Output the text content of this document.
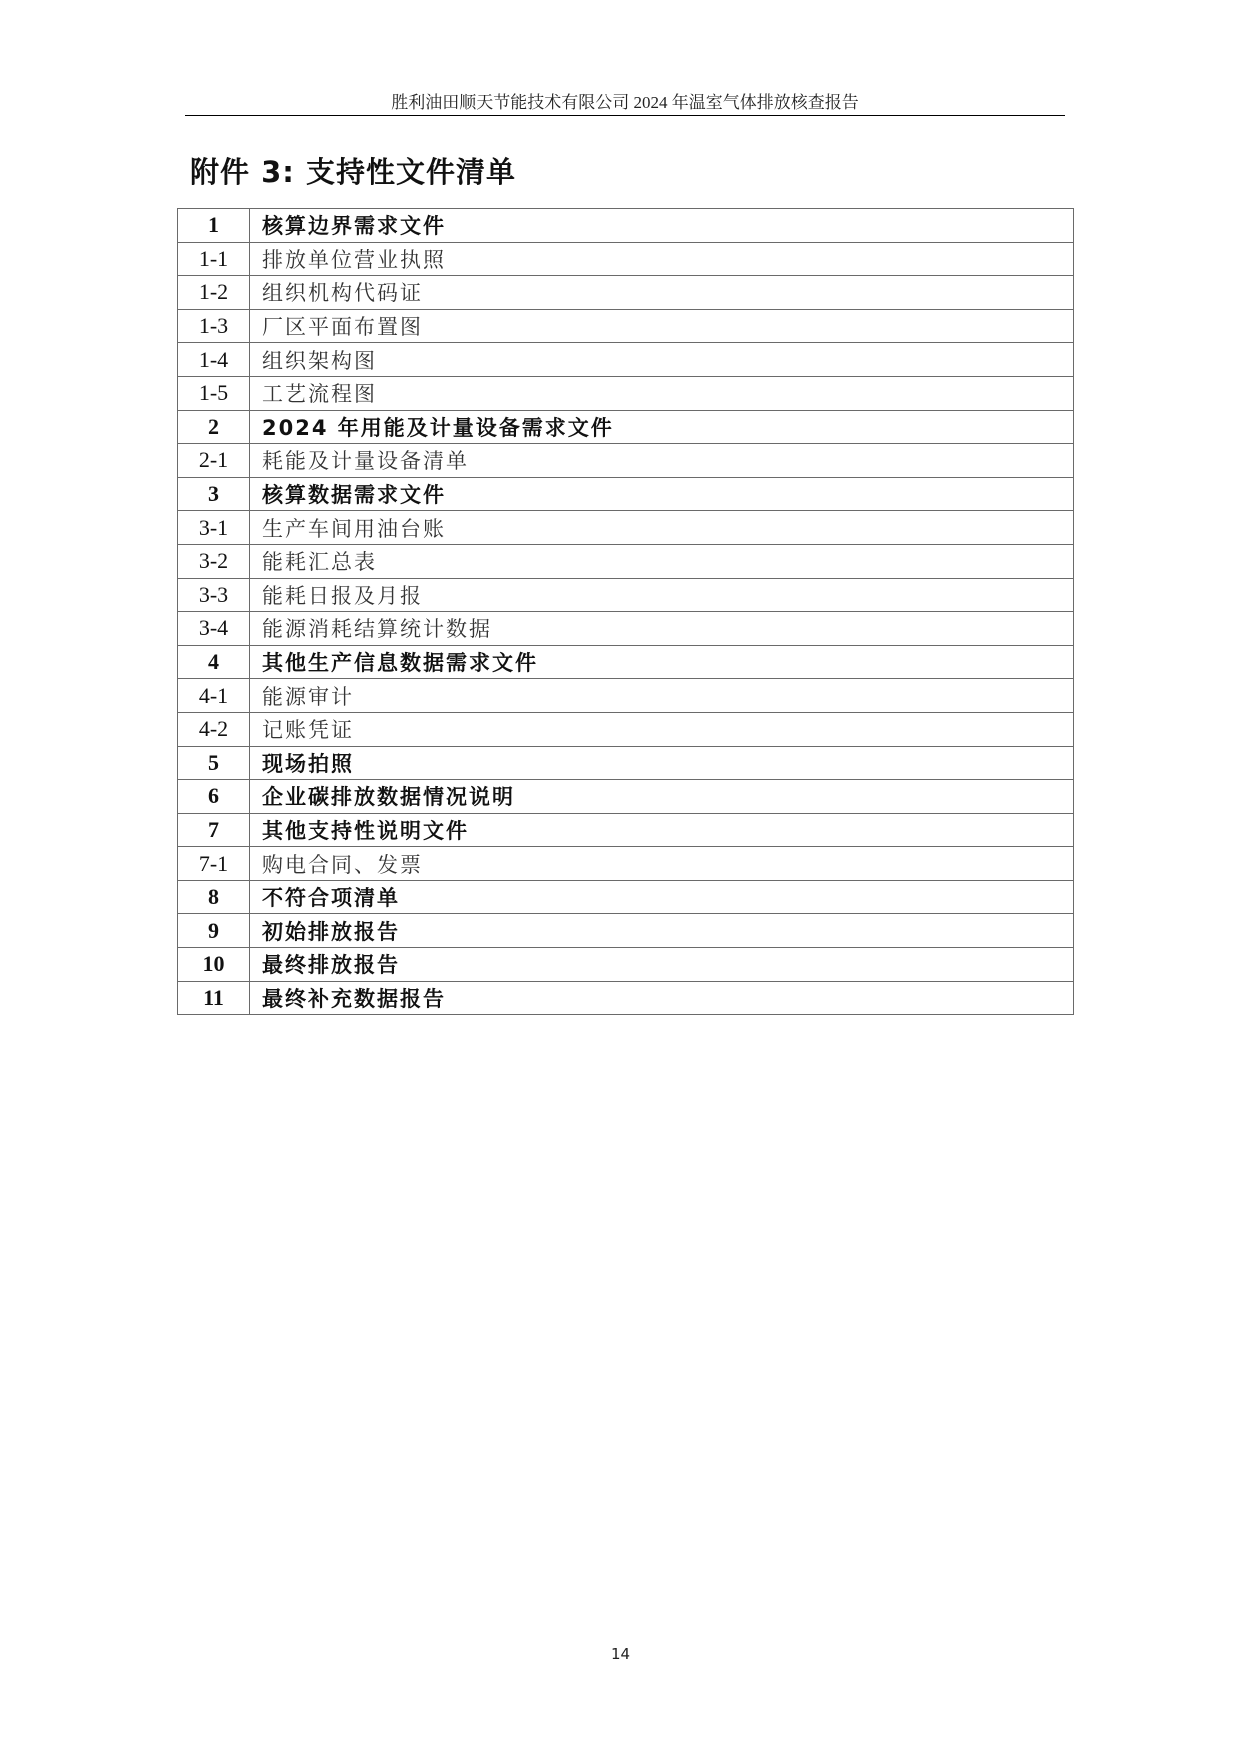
胜利油田顺天节能技术有限公司 2024 年温室气体排放核查报告
附件 3: 支持性文件清单
1	核算边界需求文件
1-1	排放单位营业执照
1-2	组织机构代码证
1-3	厂区平面布置图
1-4	组织架构图
1-5	工艺流程图
2	2024 年用能及计量设备需求文件
2-1	耗能及计量设备清单
3	核算数据需求文件
3-1	生产车间用油台账
3-2	能耗汇总表
3-3	能耗日报及月报
3-4	能源消耗结算统计数据
4	其他生产信息数据需求文件
4-1	能源审计
4-2	记账凭证
5	现场拍照
6	企业碳排放数据情况说明
7	其他支持性说明文件
7-1	购电合同、发票
8	不符合项清单
9	初始排放报告
10	最终排放报告
11	最终补充数据报告
14
